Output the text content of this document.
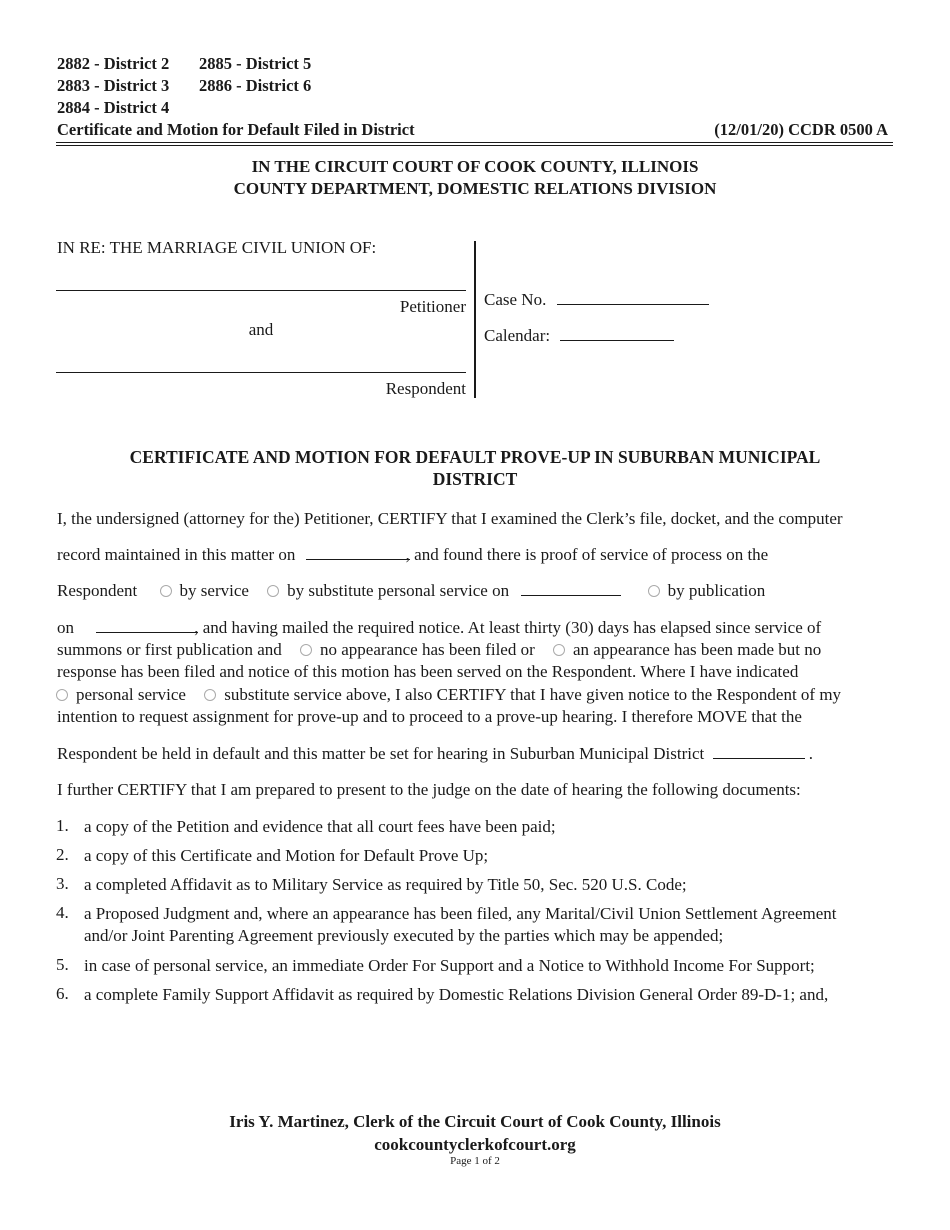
2882 - District 2 2885 - District 5
2883 - District 3 2886 - District 6
2884 - District 4
Certificate and Motion for Default Filed in District	(12/01/20) CCDR 0500 A
IN THE CIRCUIT COURT OF COOK COUNTY, ILLINOIS
COUNTY DEPARTMENT, DOMESTIC RELATIONS DIVISION
IN RE: THE MARRIAGE CIVIL UNION OF:
Petitioner
and
Respondent
Case No.
Calendar:
CERTIFICATE AND MOTION FOR DEFAULT PROVE-UP IN SUBURBAN MUNICIPAL
DISTRICT
I, the undersigned (attorney for the) Petitioner, CERTIFY that I examined the Clerk’s file, docket, and the computer
record maintained in this matter on	, and found there is proof of service of process on the
Respondent by service by substitute personal service on	by publication
on	, and having mailed the required notice. At least thirty (30) days has elapsed since service of
summons or first publication and no appearance has been filed or an appearance has been made but no
response has been filed and notice of this motion has been served on the Respondent. Where I have indicated
personal service substitute service above, I also CERTIFY that I have given notice to the Respondent of my
intention to request assignment for prove-up and to proceed to a prove-up hearing. I therefore MOVE that the
Respondent be held in default and this matter be set for hearing in Suburban Municipal District	.
I further CERTIFY that I am prepared to present to the judge on the date of hearing the following documents:
1. a copy of the Petition and evidence that all court fees have been paid;
2. a copy of this Certificate and Motion for Default Prove Up;
3. a completed Affidavit as to Military Service as required by Title 50, Sec. 520 U.S. Code;
4. a Proposed Judgment and, where an appearance has been filed, any Marital/Civil Union Settlement Agreement
and/or Joint Parenting Agreement previously executed by the parties which may be appended;
5. in case of personal service, an immediate Order For Support and a Notice to Withhold Income For Support;
6. a complete Family Support Affidavit as required by Domestic Relations Division General Order 89-D-1; and,
Iris Y. Martinez, Clerk of the Circuit Court of Cook County, Illinois
cookcountyclerkofcourt.org
Page 1 of 2
